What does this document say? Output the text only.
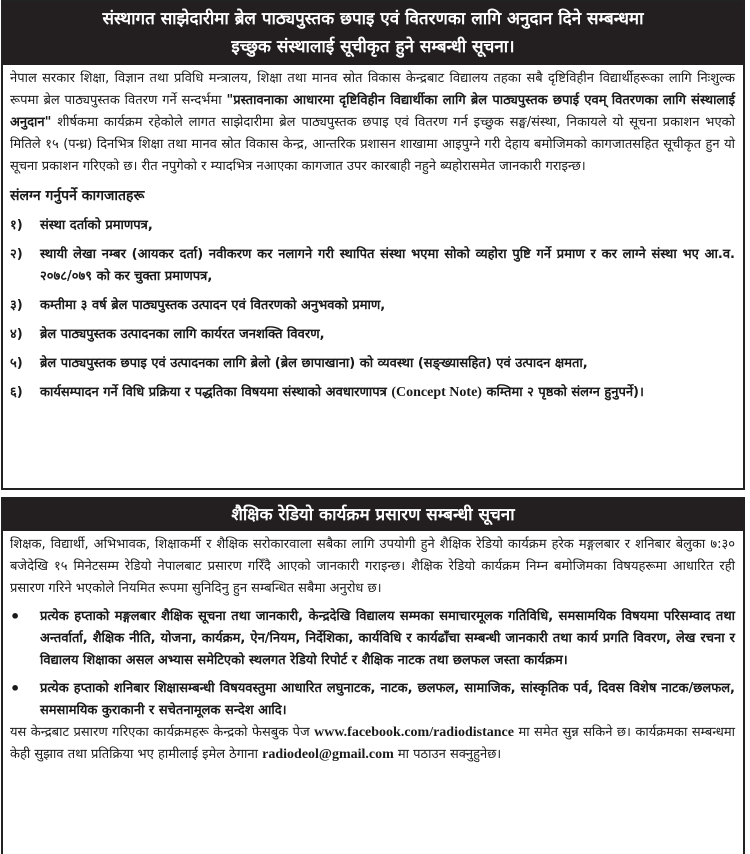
संस्थागत साझेदारीमा ब्रेल पाठ्यपुस्तक छपाइ एवं वितरणका लागि अनुदान दिने सम्बन्धमा
इच्छुक संस्थालाई सूचीकृत हुने सम्बन्धी सूचना।

नेपाल सरकार शिक्षा, विज्ञान तथा प्रविधि मन्त्रालय, शिक्षा तथा मानव स्रोत विकास केन्द्रबाट विद्यालय तहका सबै दृष्टिविहीन विद्यार्थीहरूका लागि निःशुल्क रूपमा ब्रेल पाठ्यपुस्तक वितरण गर्ने सन्दर्भमा "प्रस्तावनाका आधारमा दृष्टिविहीन विद्यार्थीका लागि ब्रेल पाठ्यपुस्तक छपाई एवम् वितरणका लागि संस्थालाई अनुदान" शीर्षकमा कार्यक्रम रहेकोले लागत साझेदारीमा ब्रेल पाठ्यपुस्तक छपाइ एवं वितरण गर्न इच्छुक सङ्घ/संस्था, निकायले यो सूचना प्रकाशन भएको मितिले १५ (पन्ध्र) दिनभित्र शिक्षा तथा मानव स्रोत विकास केन्द्र, आन्तरिक प्रशासन शाखामा आइपुग्ने गरी देहाय बमोजिमको कागजातसहित सूचीकृत हुन यो सूचना प्रकाशन गरिएको छ। रीत नपुगेको र म्यादभित्र नआएका कागजात उपर कारबाही नहुने ब्यहोरासमेत जानकारी गराइन्छ।

संलग्न गर्नुपर्ने कागजातहरू
१)	संस्था दर्ताको प्रमाणपत्र,
२)	स्थायी लेखा नम्बर (आयकर दर्ता) नवीकरण कर नलागने गरी स्थापित संस्था भएमा सोको व्यहोरा पुष्टि गर्ने प्रमाण र कर लाग्ने संस्था भए आ.व. २०७८/०७९ को कर चुक्ता प्रमाणपत्र,
३)	कम्तीमा ३ वर्ष ब्रेल पाठ्यपुस्तक उत्पादन एवं वितरणको अनुभवको प्रमाण,
४)	ब्रेल पाठ्यपुस्तक उत्पादनका लागि कार्यरत जनशक्ति विवरण,
५)	ब्रेल पाठ्यपुस्तक छपाइ एवं उत्पादनका लागि ब्रेलो (ब्रेल छापाखाना) को व्यवस्था (सङ्ख्यासहित) एवं उत्पादन क्षमता,
६)	कार्यसम्पादन गर्ने विधि प्रक्रिया र पद्धतिका विषयमा संस्थाको अवधारणापत्र (Concept Note) कम्तिमा २ पृष्ठको संलग्न हुनुपर्ने)।
शैक्षिक रेडियो कार्यक्रम प्रसारण सम्बन्धी सूचना

शिक्षक, विद्यार्थी, अभिभावक, शिक्षाकर्मी र शैक्षिक सरोकारवाला सबैका लागि उपयोगी हुने शैक्षिक रेडियो कार्यक्रम हरेक मङ्गलबार र शनिबार बेलुका ७:३० बजेदेखि १५ मिनेटसम्म रेडियो नेपालबाट प्रसारण गरिँदै आएको जानकारी गराइन्छ। शैक्षिक रेडियो कार्यक्रम निम्न बमोजिमका विषयहरूमा आधारित रही प्रसारण गरिने भएकोले नियमित रूपमा सुनिदिनु हुन सम्बन्धित सबैमा अनुरोध छ।

•	प्रत्येक हप्ताको मङ्गलबार शैक्षिक सूचना तथा जानकारी, केन्द्रदेखि विद्यालय सम्मका समाचारमूलक गतिविधि, समसामयिक विषयमा परिसम्वाद तथा अन्तर्वार्ता, शैक्षिक नीति, योजना, कार्यक्रम, ऐन/नियम, निर्देशिका, कार्यविधि र कार्यढाँचा सम्बन्धी जानकारी तथा कार्य प्रगति विवरण, लेख रचना र विद्यालय शिक्षाका असल अभ्यास समेटिएको स्थलगत रेडियो रिपोर्ट र शैक्षिक नाटक तथा छलफल जस्ता कार्यक्रम।
•	प्रत्येक हप्ताको शनिबार शिक्षासम्बन्धी विषयवस्तुमा आधारित लघुनाटक, नाटक, छलफल, सामाजिक, सांस्कृतिक पर्व, दिवस विशेष नाटक/छलफल, समसामयिक कुराकानी र सचेतनामूलक सन्देश आदि।

यस केन्द्रबाट प्रसारण गरिएका कार्यक्रमहरू केन्द्रको फेसबुक पेज www.facebook.com/radiodistance मा समेत सुन्न सकिने छ। कार्यक्रमका सम्बन्धमा केही सुझाव तथा प्रतिक्रिया भए हामीलाई इमेल ठेगाना radiodeol@gmail.com मा पठाउन सक्नुहुनेछ।
